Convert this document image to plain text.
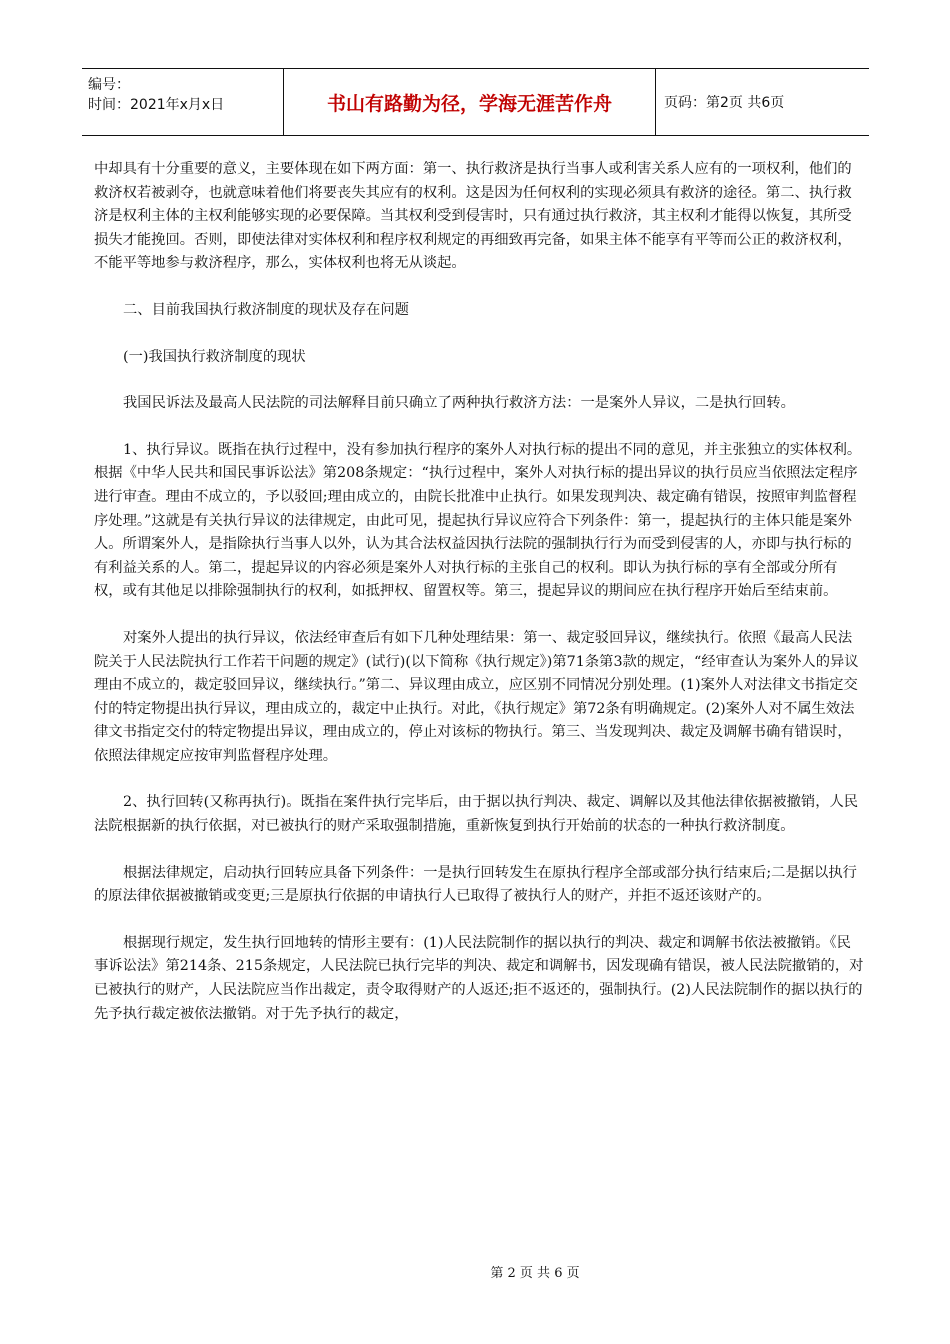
编号：
时间：2021年x月x日	书山有路勤为径，学海无涯苦作舟	页码：第2页 共6页

中却具有十分重要的意义，主要体现在如下两方面：第一、执行救济是执行当事人或利害关系人应有的一项权利，他们的救济权若被剥夺，也就意味着他们将要丧失其应有的权利。这是因为任何权利的实现必须具有救济的途径。第二、执行救济是权利主体的主权利能够实现的必要保障。当其权利受到侵害时，只有通过执行救济，其主权利才能得以恢复，其所受损失才能挽回。否则，即使法律对实体权利和程序权利规定的再细致再完备，如果主体不能享有平等而公正的救济权利，不能平等地参与救济程序，那么，实体权利也将无从谈起。

二、目前我国执行救济制度的现状及存在问题

(一)我国执行救济制度的现状

我国民诉法及最高人民法院的司法解释目前只确立了两种执行救济方法：一是案外人异议，二是执行回转。

1、执行异议。既指在执行过程中，没有参加执行程序的案外人对执行标的提出不同的意见，并主张独立的实体权利。根据《中华人民共和国民事诉讼法》第208条规定：“执行过程中，案外人对执行标的提出异议的执行员应当依照法定程序进行审查。理由不成立的，予以驳回;理由成立的，由院长批准中止执行。如果发现判决、裁定确有错误，按照审判监督程序处理。”这就是有关执行异议的法律规定，由此可见，提起执行异议应符合下列条件：第一，提起执行的主体只能是案外人。所谓案外人，是指除执行当事人以外，认为其合法权益因执行法院的强制执行行为而受到侵害的人，亦即与执行标的有利益关系的人。第二，提起异议的内容必须是案外人对执行标的主张自己的权利。即认为执行标的享有全部或分所有权，或有其他足以排除强制执行的权利，如抵押权、留置权等。第三，提起异议的期间应在执行程序开始后至结束前。

对案外人提出的执行异议，依法经审查后有如下几种处理结果：第一、裁定驳回异议，继续执行。依照《最高人民法院关于人民法院执行工作若干问题的规定》(试行)(以下简称《执行规定》)第71条第3款的规定，“经审查认为案外人的异议理由不成立的，裁定驳回异议，继续执行。”第二、异议理由成立，应区别不同情况分别处理。(1)案外人对法律文书指定交付的特定物提出执行异议，理由成立的，裁定中止执行。对此，《执行规定》第72条有明确规定。(2)案外人对不属生效法律文书指定交付的特定物提出异议，理由成立的，停止对该标的物执行。第三、当发现判决、裁定及调解书确有错误时，依照法律规定应按审判监督程序处理。

2、执行回转(又称再执行)。既指在案件执行完毕后，由于据以执行判决、裁定、调解以及其他法律依据被撤销，人民法院根据新的执行依据，对已被执行的财产采取强制措施，重新恢复到执行开始前的状态的一种执行救济制度。

根据法律规定，启动执行回转应具备下列条件：一是执行回转发生在原执行程序全部或部分执行结束后;二是据以执行的原法律依据被撤销或变更;三是原执行依据的申请执行人已取得了被执行人的财产，并拒不返还该财产的。

根据现行规定，发生执行回地转的情形主要有：(1)人民法院制作的据以执行的判决、裁定和调解书依法被撤销。《民事诉讼法》第214条、215条规定，人民法院已执行完毕的判决、裁定和调解书，因发现确有错误，被人民法院撤销的，对已被执行的财产，人民法院应当作出裁定，责令取得财产的人返还;拒不返还的，强制执行。(2)人民法院制作的据以执行的先予执行裁定被依法撤销。对于先予执行的裁定，

第 2 页 共 6 页
